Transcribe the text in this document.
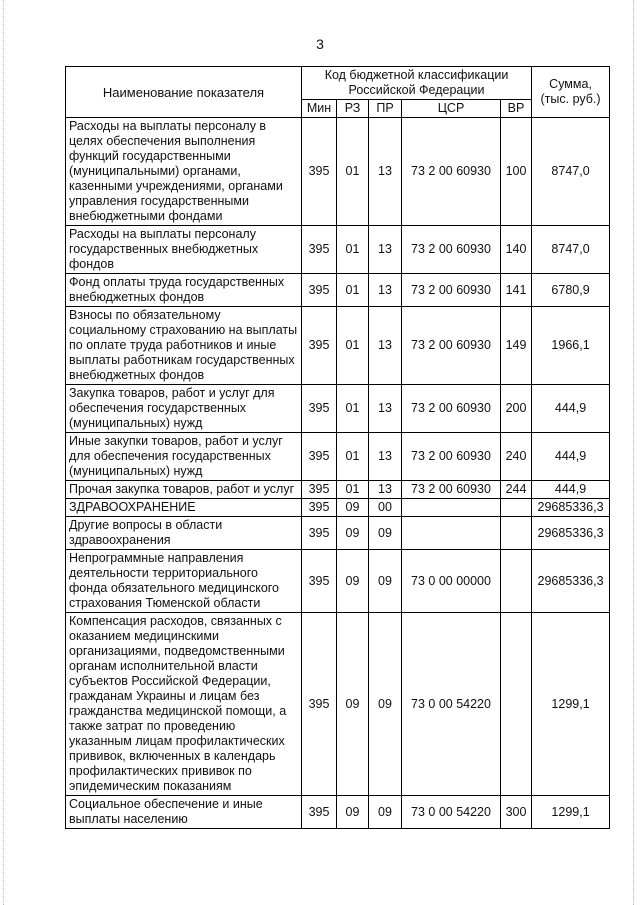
3
Наименование показателя	Код бюджетной классификации Российской Федерации					Сумма, (тыс. руб.)
	Мин	РЗ	ПР	ЦСР	ВР	
Расходы на выплаты персоналу в целях обеспечения выполнения функций государственными (муниципальными) органами, казенными учреждениями, органами управления государственными внебюджетными фондами	395	01	13	73 2 00 60930	100	8747,0
Расходы на выплаты персоналу государственных внебюджетных фондов	395	01	13	73 2 00 60930	140	8747,0
Фонд оплаты труда государственных внебюджетных фондов	395	01	13	73 2 00 60930	141	6780,9
Взносы по обязательному социальному страхованию на выплаты по оплате труда работников и иные выплаты работникам государственных внебюджетных фондов	395	01	13	73 2 00 60930	149	1966,1
Закупка товаров, работ и услуг для обеспечения государственных (муниципальных) нужд	395	01	13	73 2 00 60930	200	444,9
Иные закупки товаров, работ и услуг для обеспечения государственных (муниципальных) нужд	395	01	13	73 2 00 60930	240	444,9
Прочая закупка товаров, работ и услуг	395	01	13	73 2 00 60930	244	444,9
ЗДРАВООХРАНЕНИЕ	395	09	00			29685336,3
Другие вопросы в области здравоохранения	395	09	09			29685336,3
Непрограммные направления деятельности территориального фонда обязательного медицинского страхования Тюменской области	395	09	09	73 0 00 00000		29685336,3
Компенсация расходов, связанных с оказанием медицинскими организациями, подведомственными органам исполнительной власти субъектов Российской Федерации, гражданам Украины и лицам без гражданства медицинской помощи, а также затрат по проведению указанным лицам профилактических прививок, включенных в календарь профилактических прививок по эпидемическим показаниям	395	09	09	73 0 00 54220		1299,1
Социальное обеспечение и иные выплаты населению	395	09	09	73 0 00 54220	300	1299,1
